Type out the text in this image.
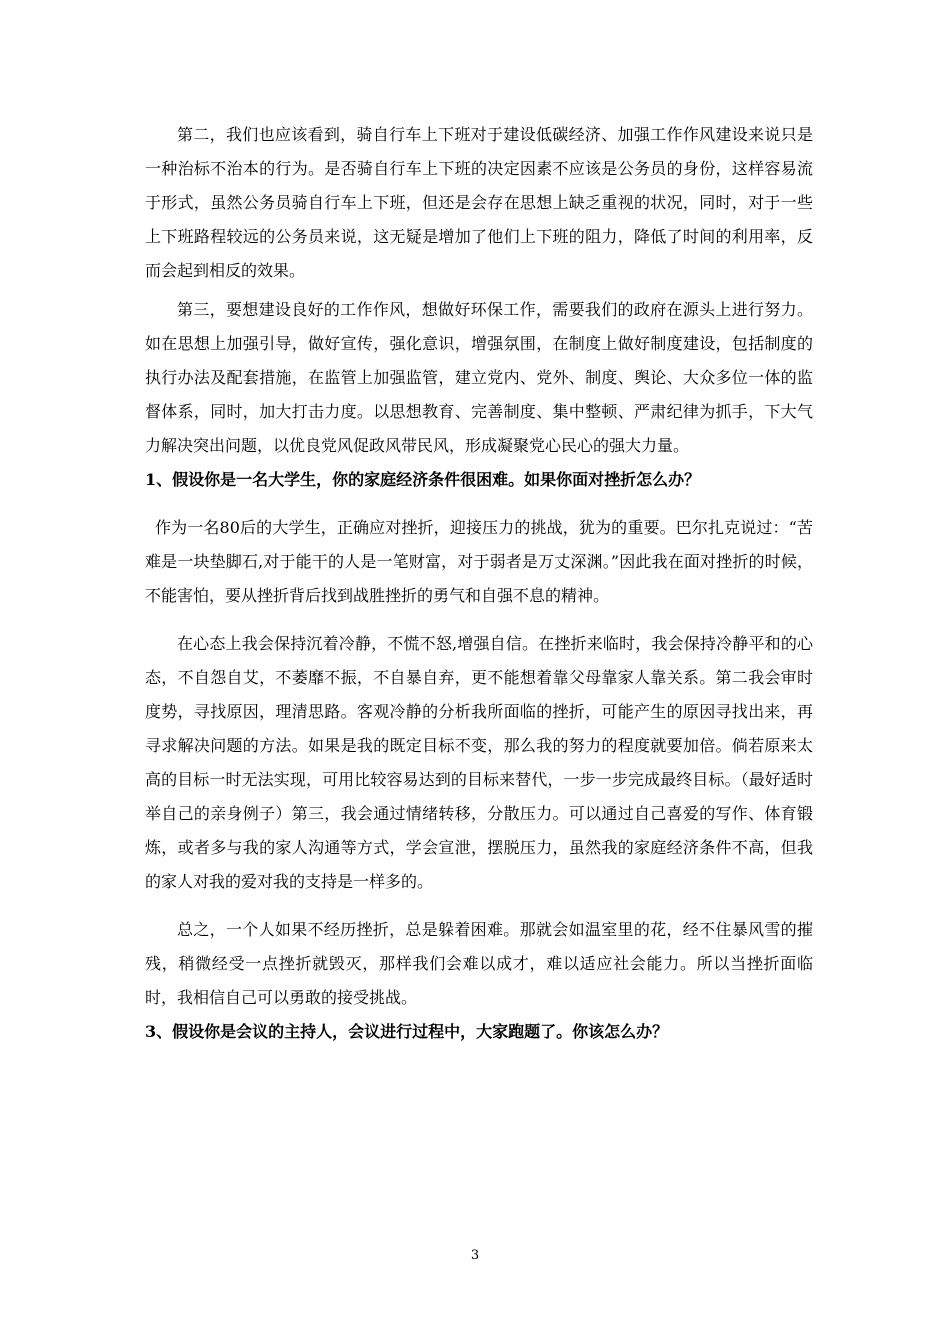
第二，我们也应该看到，骑自行车上下班对于建设低碳经济、加强工作作风建设来说只是一种治标不治本的行为。是否骑自行车上下班的决定因素不应该是公务员的身份，这样容易流于形式，虽然公务员骑自行车上下班，但还是会存在思想上缺乏重视的状况，同时，对于一些上下班路程较远的公务员来说，这无疑是增加了他们上下班的阻力，降低了时间的利用率，反而会起到相反的效果。

第三，要想建设良好的工作作风，想做好环保工作，需要我们的政府在源头上进行努力。如在思想上加强引导，做好宣传，强化意识，增强氛围，在制度上做好制度建设，包括制度的执行办法及配套措施，在监管上加强监管，建立党内、党外、制度、舆论、大众多位一体的监督体系，同时，加大打击力度。以思想教育、完善制度、集中整顿、严肃纪律为抓手，下大气力解决突出问题，以优良党风促政风带民风，形成凝聚党心民心的强大力量。

1、假设你是一名大学生，你的家庭经济条件很困难。如果你面对挫折怎么办？

作为一名80后的大学生，正确应对挫折，迎接压力的挑战，犹为的重要。巴尔扎克说过：“苦难是一块垫脚石,对于能干的人是一笔财富，对于弱者是万丈深渊。”因此我在面对挫折的时候，不能害怕，要从挫折背后找到战胜挫折的勇气和自强不息的精神。

在心态上我会保持沉着冷静，不慌不怒,增强自信。在挫折来临时，我会保持冷静平和的心态，不自怨自艾，不萎靡不振，不自暴自弃，更不能想着靠父母靠家人靠关系。第二我会审时度势，寻找原因，理清思路。客观冷静的分析我所面临的挫折，可能产生的原因寻找出来，再寻求解决问题的方法。如果是我的既定目标不变，那么我的努力的程度就要加倍。倘若原来太高的目标一时无法实现，可用比较容易达到的目标来替代，一步一步完成最终目标。（最好适时举自己的亲身例子）第三，我会通过情绪转移，分散压力。可以通过自己喜爱的写作、体育锻炼，或者多与我的家人沟通等方式，学会宣泄，摆脱压力，虽然我的家庭经济条件不高，但我的家人对我的爱对我的支持是一样多的。

总之，一个人如果不经历挫折，总是躲着困难。那就会如温室里的花，经不住暴风雪的摧残，稍微经受一点挫折就毁灭，那样我们会难以成才，难以适应社会能力。所以当挫折面临时，我相信自己可以勇敢的接受挑战。

3、假设你是会议的主持人，会议进行过程中，大家跑题了。你该怎么办？

3
